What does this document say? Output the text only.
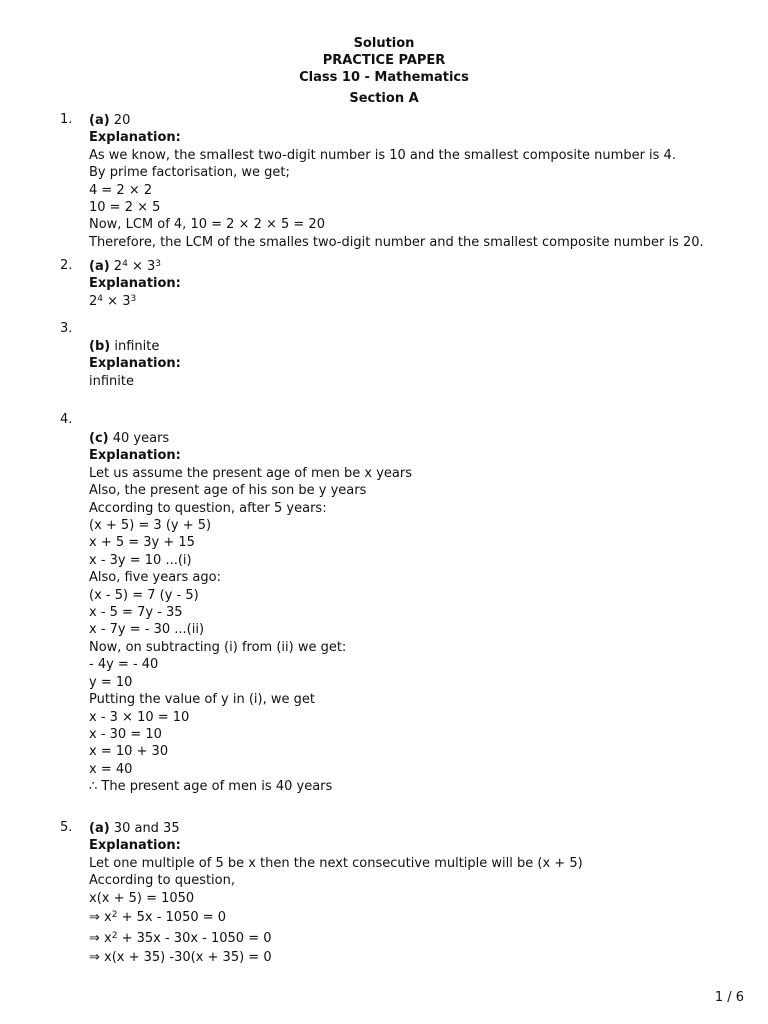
Solution
PRACTICE PAPER
Class 10 - Mathematics
Section A
1. (a) 20
Explanation:
As we know, the smallest two-digit number is 10 and the smallest composite number is 4.
By prime factorisation, we get;
4 = 2 × 2
10 = 2 × 5
Now, LCM of 4, 10 = 2 × 2 × 5 = 20
Therefore, the LCM of the smalles two-digit number and the smallest composite number is 20.
2. (a) $2^4 \times 3^3$
Explanation:
$2^4 \times 3^3$
3.
(b) infinite
Explanation:
infinite
4.
(c) 40 years
Explanation:
Let us assume the present age of men be x years
Also, the present age of his son be y years
According to question, after 5 years:
(x + 5) = 3 (y + 5)
x + 5 = 3y + 15
x - 3y = 10 ...(i)
Also, five years ago:
(x - 5) = 7 (y - 5)
x - 5 = 7y - 35
x - 7y = - 30 ...(ii)
Now, on subtracting (i) from (ii) we get:
- 4y = - 40
y = 10
Putting the value of y in (i), we get
x - 3 × 10 = 10
x - 30 = 10
x = 10 + 30
x = 40
∴ The present age of men is 40 years
5. (a) 30 and 35
Explanation:
Let one multiple of 5 be x then the next consecutive multiple will be (x + 5)
According to question,
x(x + 5) = 1050
⇒ $x^2 + 5x - 1050 = 0$
⇒ $x^2 + 35x - 30x - 1050 = 0$
⇒ x(x + 35) -30(x + 35) = 0
1 / 6
